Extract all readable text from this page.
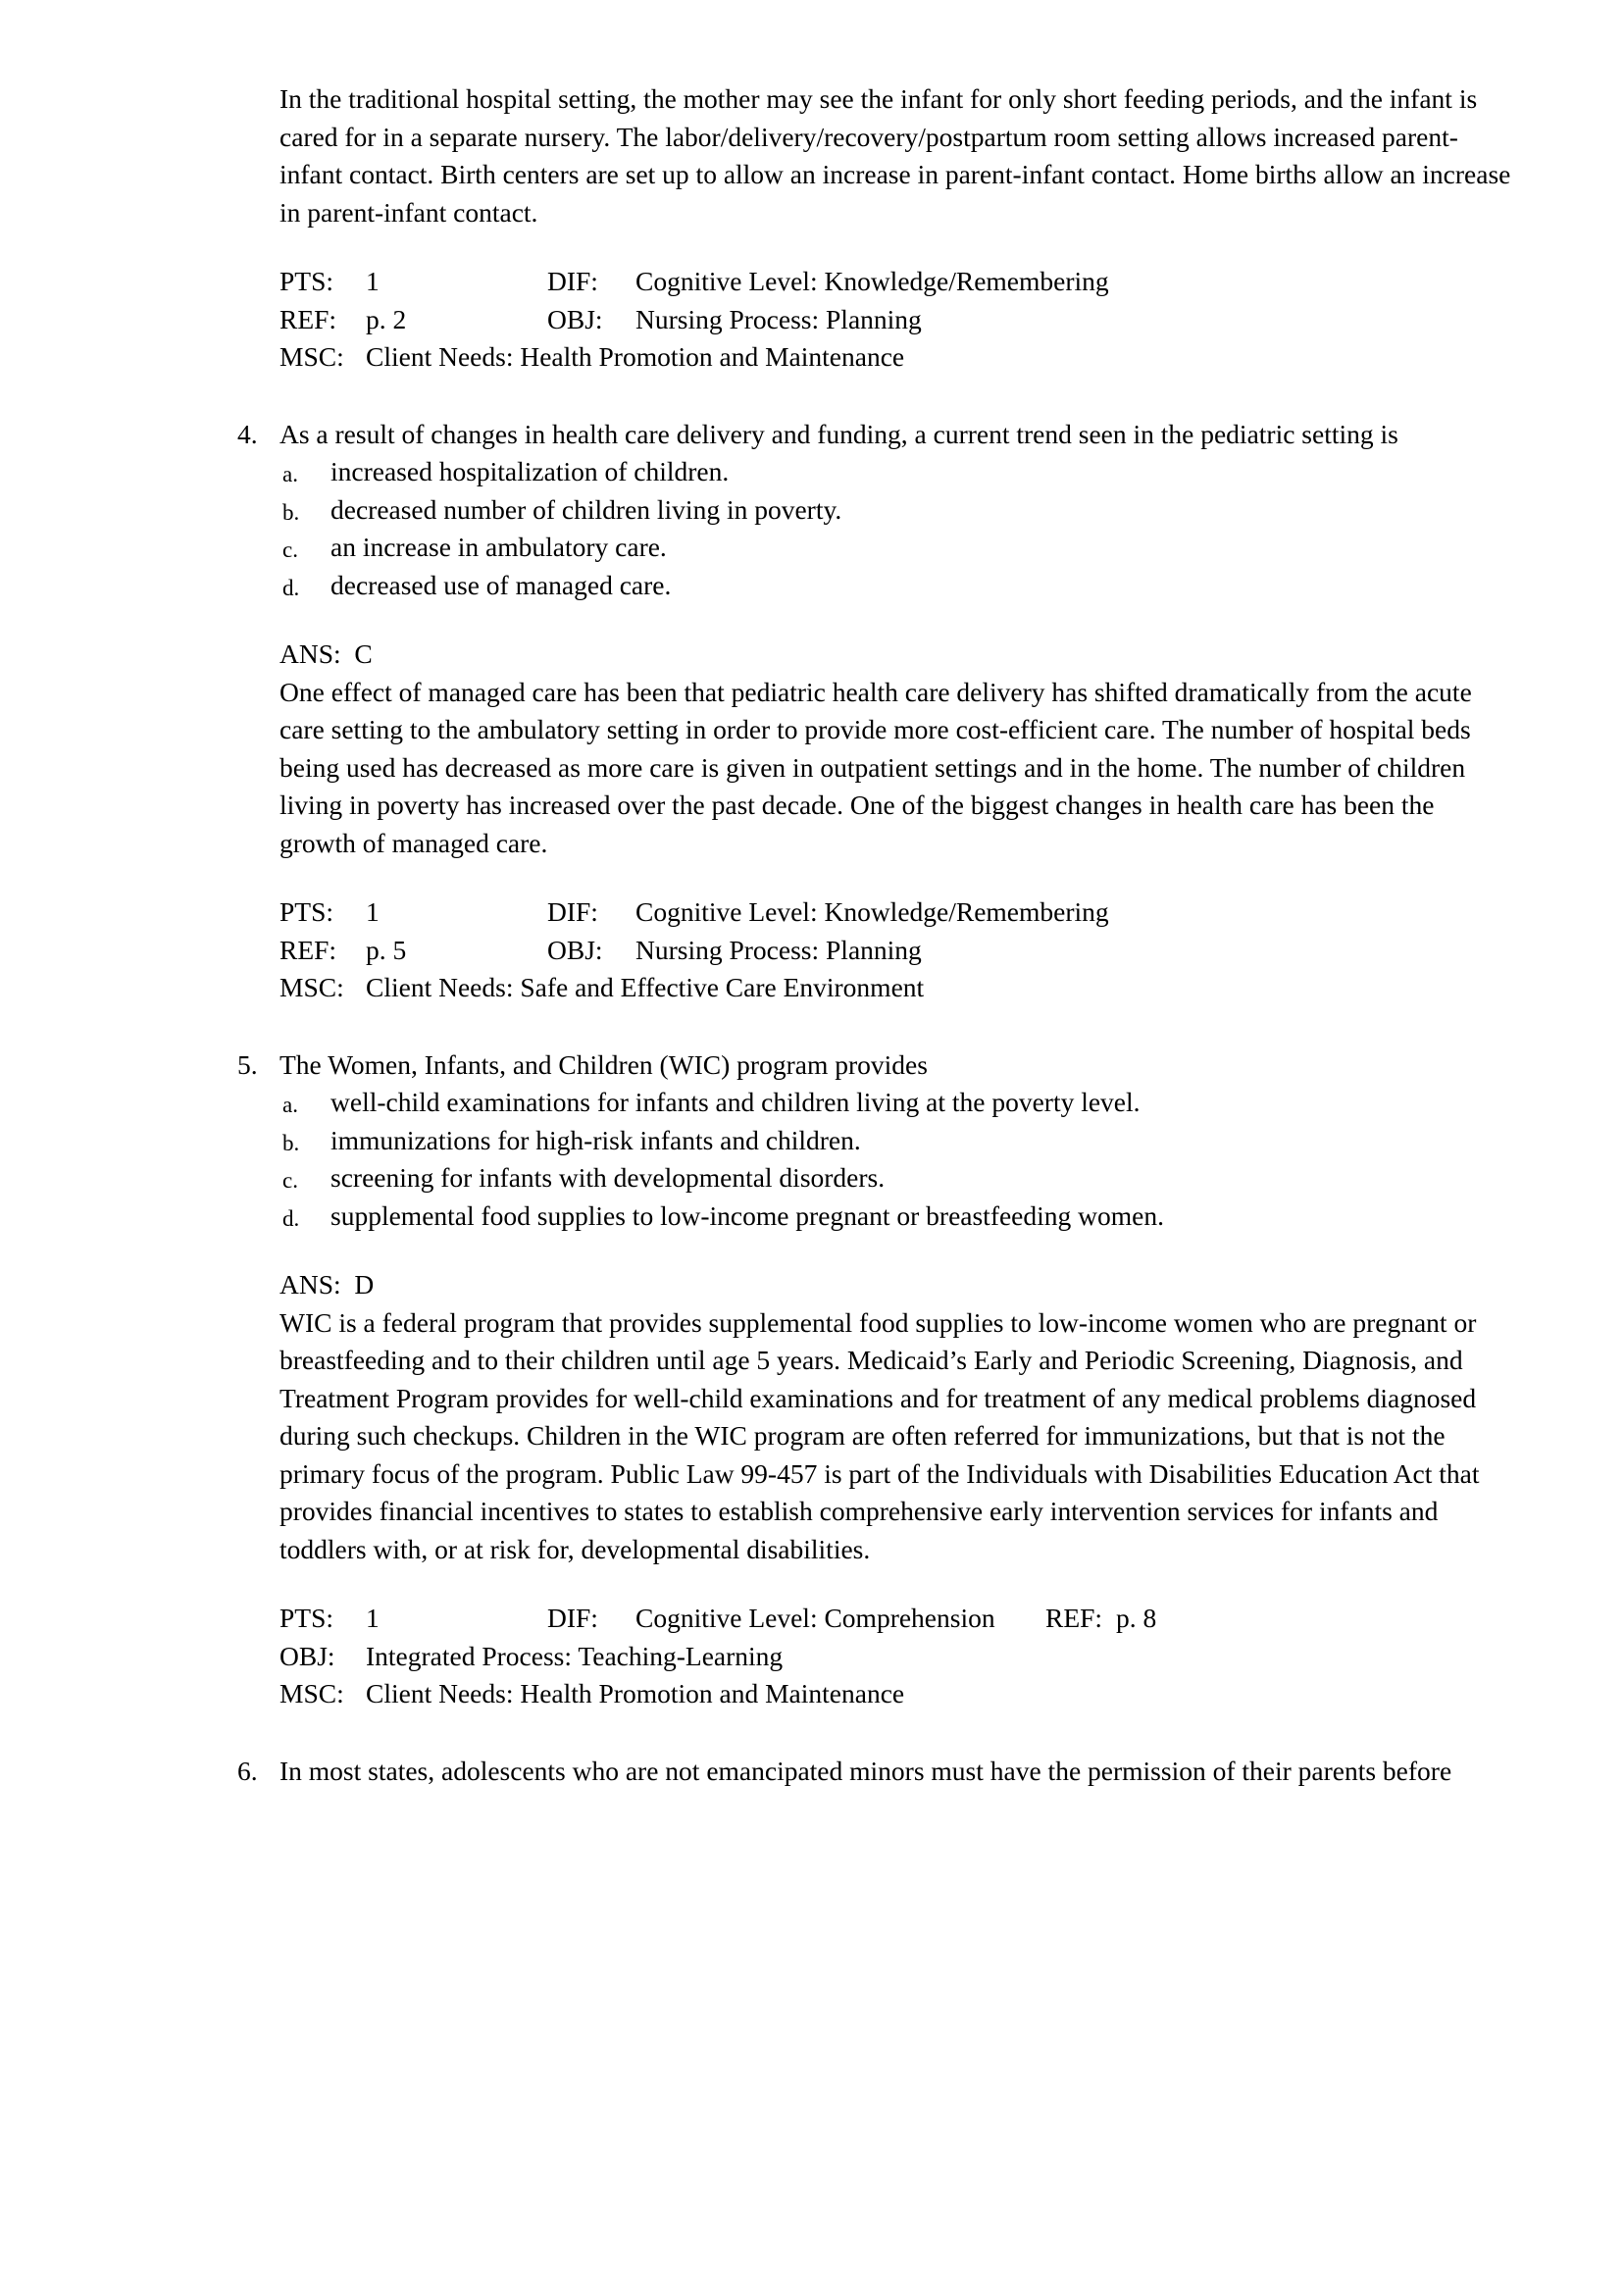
In the traditional hospital setting, the mother may see the infant for only short feeding periods, and the infant is cared for in a separate nursery. The labor/delivery/recovery/postpartum room setting allows increased parent-infant contact. Birth centers are set up to allow an increase in parent-infant contact. Home births allow an increase in parent-infant contact.

PTS: 1	DIF: Cognitive Level: Knowledge/Remembering
REF: p. 2	OBJ: Nursing Process: Planning
MSC: Client Needs: Health Promotion and Maintenance
4. As a result of changes in health care delivery and funding, a current trend seen in the pediatric setting is
a. increased hospitalization of children.
b. decreased number of children living in poverty.
c. an increase in ambulatory care.
d. decreased use of managed care.
ANS:  C

One effect of managed care has been that pediatric health care delivery has shifted dramatically from the acute care setting to the ambulatory setting in order to provide more cost-efficient care. The number of hospital beds being used has decreased as more care is given in outpatient settings and in the home. The number of children living in poverty has increased over the past decade. One of the biggest changes in health care has been the growth of managed care.

PTS: 1	DIF: Cognitive Level: Knowledge/Remembering
REF: p. 5	OBJ: Nursing Process: Planning
MSC: Client Needs: Safe and Effective Care Environment
5. The Women, Infants, and Children (WIC) program provides
a. well-child examinations for infants and children living at the poverty level.
b. immunizations for high-risk infants and children.
c. screening for infants with developmental disorders.
d. supplemental food supplies to low-income pregnant or breastfeeding women.
ANS:  D

WIC is a federal program that provides supplemental food supplies to low-income women who are pregnant or breastfeeding and to their children until age 5 years. Medicaid’s Early and Periodic Screening, Diagnosis, and Treatment Program provides for well-child examinations and for treatment of any medical problems diagnosed during such checkups. Children in the WIC program are often referred for immunizations, but that is not the primary focus of the program. Public Law 99-457 is part of the Individuals with Disabilities Education Act that provides financial incentives to states to establish comprehensive early intervention services for infants and toddlers with, or at risk for, developmental disabilities.

PTS: 1	DIF: Cognitive Level: Comprehension REF: p. 8
OBJ: Integrated Process: Teaching-Learning
MSC: Client Needs: Health Promotion and Maintenance
6. In most states, adolescents who are not emancipated minors must have the permission of their parents before
